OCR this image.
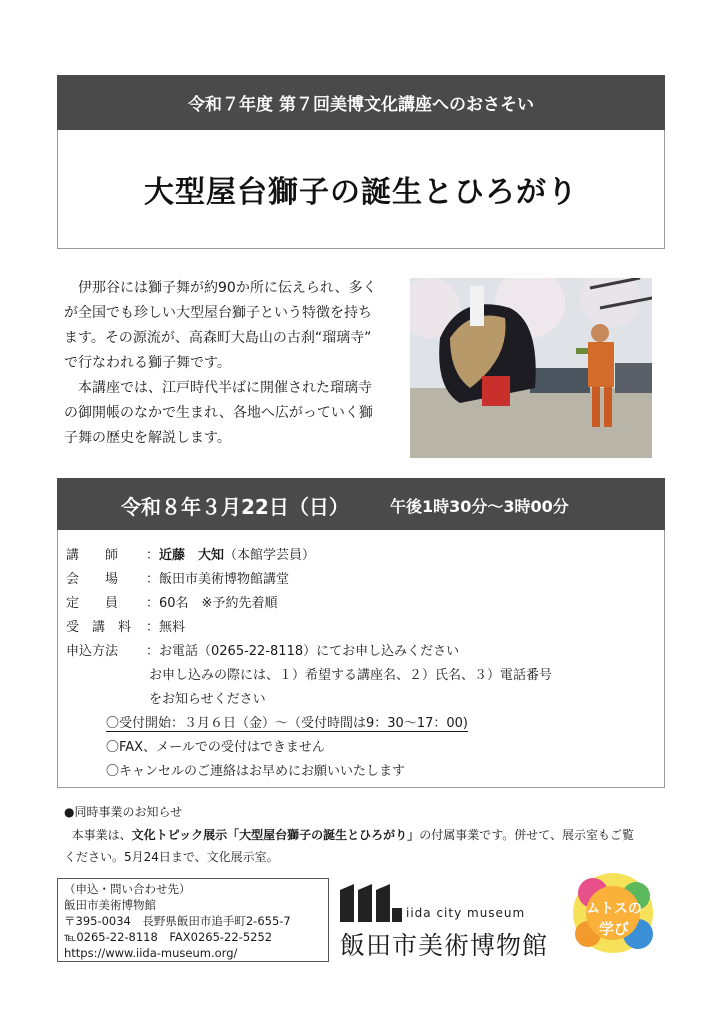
令和７年度 第７回美博文化講座へのおさそい
大型屋台獅子の誕生とひろがり

伊那谷には獅子舞が約90か所に伝えられ、多く

が全国でも珍しい大型屋台獅子という特徴を持ち
ます。その源流が、高森町大島山の古刹“瑠璃寺”
で行なわれる獅子舞です。

本講座では、江戸時代半ばに開催された瑠璃寺

の御開帳のなかで生まれ、各地へ広がっていく獅
子舞の歴史を解説します。
令和８年３月22日（日）	午後1時30分～3時00分
講　　師 ：近藤　大知（本館学芸員）
会　　場 ：飯田市美術博物館講堂
定　　員 ：60名　※予約先着順
受　講　料 ：無料
申込方法 ：お電話（0265-22-8118）にてお申し込みください
お申し込みの際には、１）希望する講座名、２）氏名、３）電話番号
をお知らせください
〇受付開始：３月６日（金）～（受付時間は9：30～17：00)
〇FAX、メールでの受付はできません
〇キャンセルのご連絡はお早めにお願いいたします
●同時事業のお知らせ
本事業は、文化トピック展示「大型屋台獅子の誕生とひろがり」の付属事業です。併せて、展示室もご覧
ください。5月24日まで、文化展示室。
（申込・問い合わせ先）
飯田市美術博物館
〒395-0034　長野県飯田市追手町2-655-7
℡0265-22-8118　FAX0265-22-5252
https://www.iida-museum.org/
iida city museum
飯田市美術博物館
ムトスの
学び
